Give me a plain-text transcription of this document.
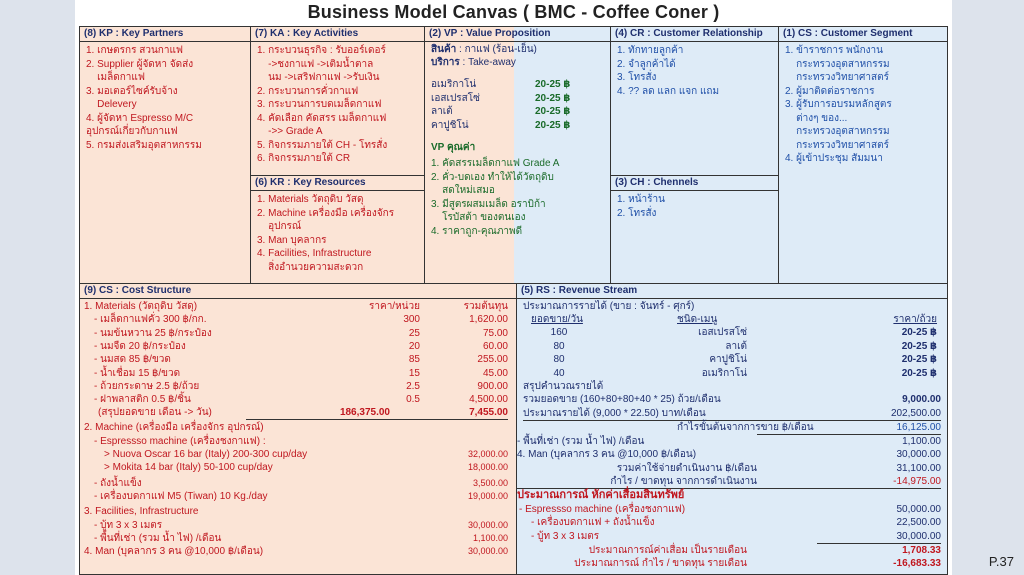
Business Model Canvas ( BMC - Coffee Coner )
(8) KP : Key Partners
1. เกษตรกร สวนกาแฟ
2. Supplier ผู้จัดหา จัดส่ง
เมล็ดกาแฟ
3. มอเตอร์ไซค์รับจ้าง
Delevery
4. ผู้จัดหา Espresso M/C
อุปกรณ์เกี่ยวกับกาแฟ
5. กรมส่งเสริมอุตสาหกรรม
(7) KA : Key Activities
1. กระบวนธุรกิจ : รับออร์เดอร์
->ชงกาแฟ ->เติมน้ำตาล
นม ->เสริฟกาแฟ ->รับเงิน
2. กระบวนการคั่วกาแฟ
3. กระบวนการบดเมล็ดกาแฟ
4. คัดเลือก คัดสรร เมล็ดกาแฟ
->> Grade A
5. กิจกรรมภายใต้ CH - โทรสั่ง
6. กิจกรรมภายใต้ CR
(6) KR : Key Resources
1. Materials วัตถุดิบ วัสดุ
2. Machine เครื่องมือ เครื่องจักร
อุปกรณ์
3. Man บุคลากร
4. Facilities, Infrastructure
สิ่งอำนวยความสะดวก
(2) VP : Value Proposition
สินค้า : กาแฟ (ร้อน-เย็น)
บริการ : Take-away
อเมริกาโน่	20-25 ฿
เอสเปรสโซ่	20-25 ฿
ลาเต้	20-25 ฿
คาปูชิโน่	20-25 ฿
VP คุณค่า
1. คัดสรรเมล็ดกาแฟ Grade A
2. คั่ว-บดเอง ทำให้ได้วัตถุดิบ
สดใหม่เสมอ
3. มีสูตรผสมเมล็ด อราบิก้า
โรบัสต้า ของตนเอง
4. ราคาถูก-คุณภาพดี
(4) CR : Customer Relationship
1. ทักทายลูกค้า
2. จำลูกค้าได้
3. โทรสั่ง
4. ?? ลด แลก แจก แถม
(3) CH : Chennels
1. หน้าร้าน
2. โทรสั่ง
(1) CS : Customer Segment
1. ข้าราชการ พนักงาน
กระทรวงอุตสาหกรรม
กระทรวงวิทยาศาสตร์
2. ผู้มาติดต่อราชการ
3. ผู้รับการอบรมหลักสูตร
ต่างๆ ของ...
กระทรวงอุตสาหกรรม
กระทรวงวิทยาศาสตร์
4. ผู้เข้าประชุม สัมมนา
(9) CS : Cost Structure
1. Materials (วัตถุดิบ วัสดุ)	ราคา/หน่วย	รวมต้นทุน
- เมล็ดกาแฟคั่ว 300 ฿/กก.	300	1,620.00
- นมข้นหวาน 25 ฿/กระป๋อง	25	75.00
- นมจืด 20 ฿/กระป๋อง	20	60.00
- นมสด 85 ฿/ขวด	85	255.00
- น้ำเชื่อม 15 ฿/ขวด	15	45.00
- ถ้วยกระดาษ 2.5 ฿/ถ้วย	2.5	900.00
- ฝาพลาสติก 0.5 ฿/ชิ้น	0.5	4,500.00
(สรุปยอดขาย เดือน -> วัน)	186,375.00	7,455.00
2. Machine (เครื่องมือ เครื่องจักร อุปกรณ์)
- Espressso machine (เครื่องชงกาแฟ) :
> Nuova Oscar 16 bar (Italy) 200-300 cup/day	32,000.00
> Mokita 14 bar (Italy) 50-100 cup/day	18,000.00
- ถังน้ำแข็ง	3,500.00
- เครื่องบดกาแฟ M5 (Tiwan) 10 Kg./day	19,000.00
3. Facilities, Infrastructure
- บู้ท 3 x 3 เมตร	30,000.00
- พื้นที่เช่า (รวม น้ำ ไฟ) /เดือน	1,100.00
4. Man (บุคลากร 3 คน @10,000 ฿/เดือน)	30,000.00
(5) RS : Revenue Stream
ประมาณการรายได้ (ขาย : จันทร์ - ศุกร์)
ยอดขาย/วัน	ชนิด-เมนู	ราคา/ถ้วย
160	เอสเปรสโซ่	20-25 ฿
80	ลาเต้	20-25 ฿
80	คาปูชิโน่	20-25 ฿
40	อเมริกาโน่	20-25 ฿
สรุปคำนวณรายได้
รวมยอดขาย (160+80+80+40 * 25) ถ้วย/เดือน	9,000.00
ประมาณรายได้ (9,000 * 22.50) บาท/เดือน	202,500.00
กำไรขั้นต้นจากการขาย ฿/เดือน	16,125.00
- พื้นที่เช่า (รวม น้ำ ไฟ) /เดือน	1,100.00
4. Man (บุคลากร 3 คน @10,000 ฿/เดือน)	30,000.00
รวมค่าใช้จ่ายดำเนินงาน ฿/เดือน	31,100.00
กำไร / ขาดทุน จากการดำเนินงาน	-14,975.00
ประมาณการณ์ หักค่าเสื่อมสินทรัพย์
- Espressso machine (เครื่องชงกาแฟ)	50,000.00
- เครื่องบดกาแฟ + ถังน้ำแข็ง	22,500.00
- บู้ท 3 x 3 เมตร	30,000.00
ประมาณการณ์ค่าเสื่อม เป็นรายเดือน	1,708.33
ประมาณการณ์ กำไร / ขาดทุน รายเดือน	-16,683.33	P.37
